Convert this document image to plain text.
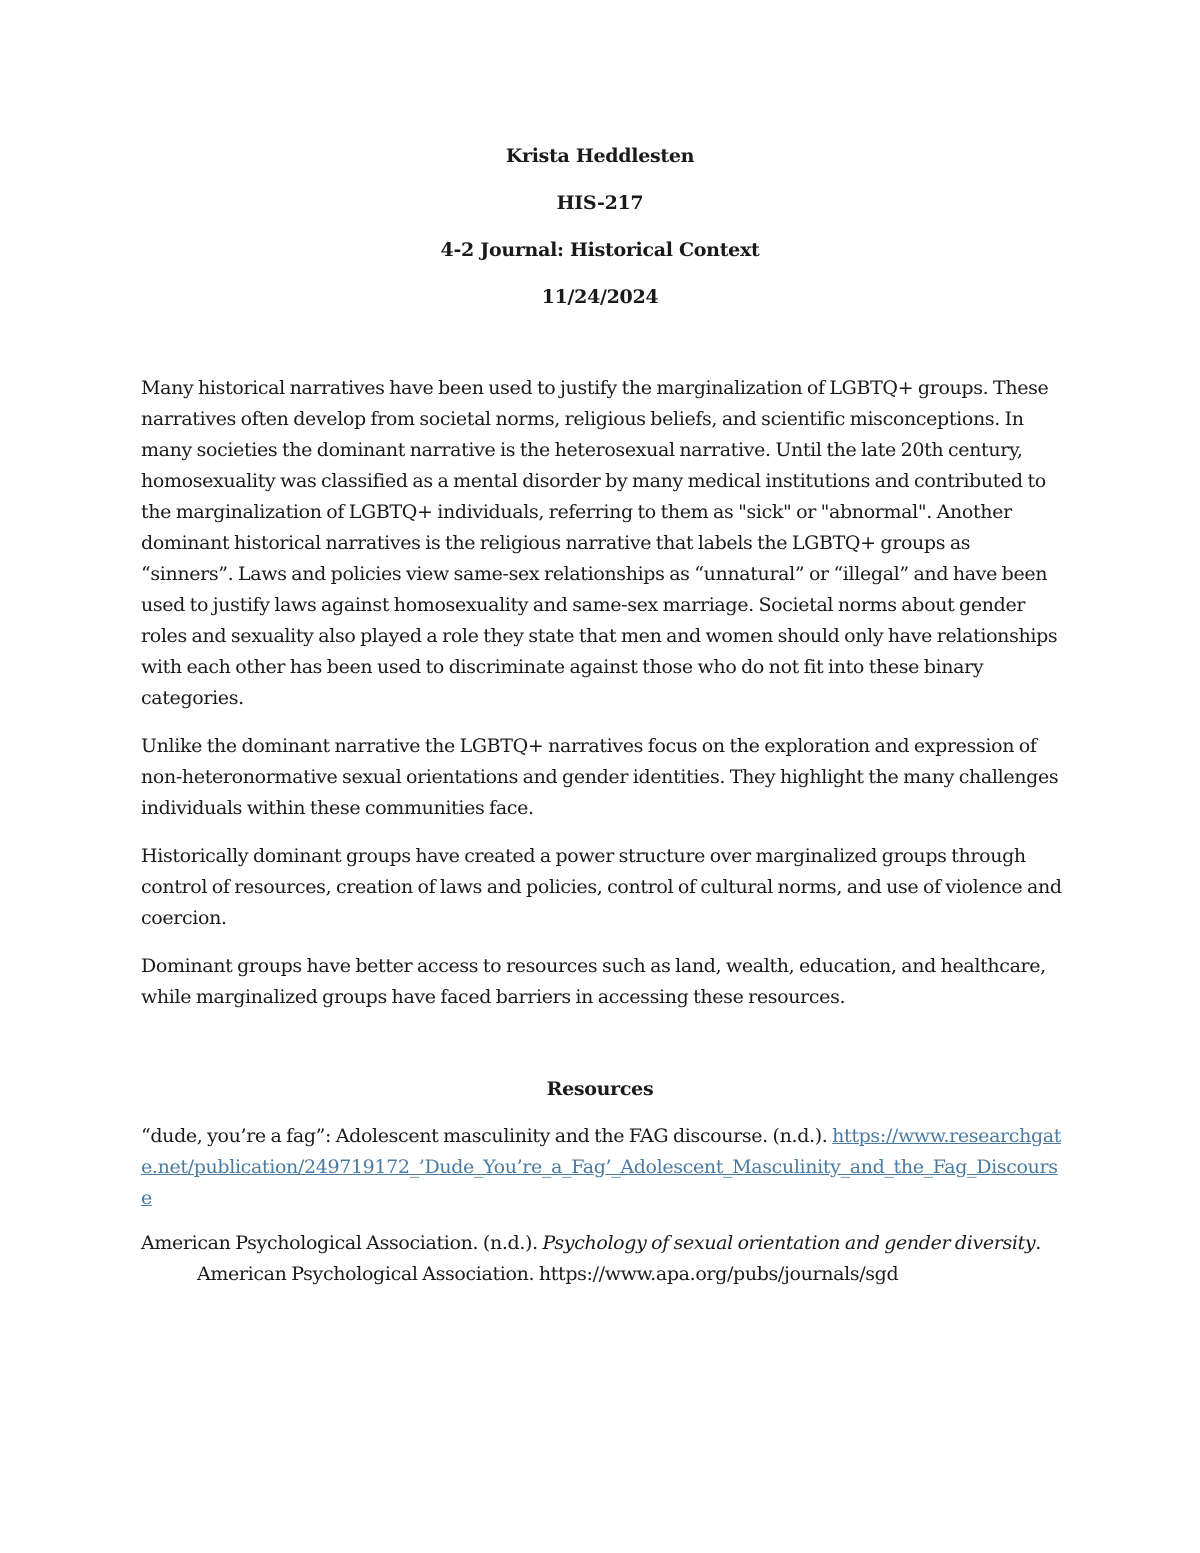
Krista Heddlesten
HIS-217
4-2 Journal: Historical Context
11/24/2024

Many historical narratives have been used to justify the marginalization of LGBTQ+ groups. These narratives often develop from societal norms, religious beliefs, and scientific misconceptions. In many societies the dominant narrative is the heterosexual narrative. Until the late 20th century, homosexuality was classified as a mental disorder by many medical institutions and contributed to the marginalization of LGBTQ+ individuals, referring to them as "sick" or "abnormal". Another dominant historical narratives is the religious narrative that labels the LGBTQ+ groups as “sinners”. Laws and policies view same-sex relationships as “unnatural” or “illegal” and have been used to justify laws against homosexuality and same-sex marriage. Societal norms about gender roles and sexuality also played a role they state that men and women should only have relationships with each other has been used to discriminate against those who do not fit into these binary categories.

Unlike the dominant narrative the LGBTQ+ narratives focus on the exploration and expression of non-heteronormative sexual orientations and gender identities. They highlight the many challenges individuals within these communities face.

Historically dominant groups have created a power structure over marginalized groups through control of resources, creation of laws and policies, control of cultural norms, and use of violence and coercion.

Dominant groups have better access to resources such as land, wealth, education, and healthcare, while marginalized groups have faced barriers in accessing these resources.

Resources
“dude, you’re a fag”: Adolescent masculinity and the FAG discourse. (n.d.). https://www.researchgate.net/publication/249719172_’Dude_You’re_a_Fag’_Adolescent_Masculinity_and_the_Fag_Discourse
American Psychological Association. (n.d.). Psychology of sexual orientation and gender diversity. American Psychological Association. https://www.apa.org/pubs/journals/sgd
